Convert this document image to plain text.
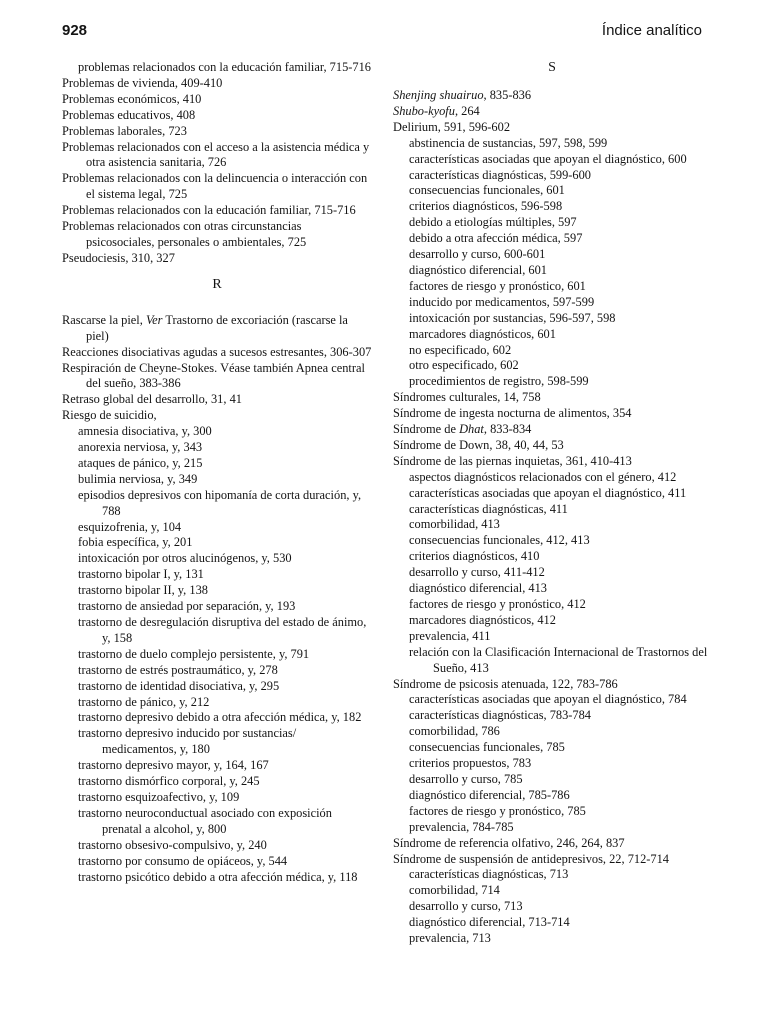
928	Índice analítico
problemas relacionados con la educación familiar, 715-716
Problemas de vivienda, 409-410
Problemas económicos, 410
Problemas educativos, 408
Problemas laborales, 723
Problemas relacionados con el acceso a la asistencia médica y otra asistencia sanitaria, 726
Problemas relacionados con la delincuencia o interacción con el sistema legal, 725
Problemas relacionados con la educación familiar, 715-716
Problemas relacionados con otras circunstancias psicosociales, personales o ambientales, 725
Pseudociesis, 310, 327
R
Rascarse la piel, Ver Trastorno de excoriación (rascarse la piel)
Reacciones disociativas agudas a sucesos estresantes, 306-307
Respiración de Cheyne-Stokes. Véase también Apnea central del sueño, 383-386
Retraso global del desarrollo, 31, 41
Riesgo de suicidio,
amnesia disociativa, y, 300
anorexia nerviosa, y, 343
ataques de pánico, y, 215
bulimia nerviosa, y, 349
episodios depresivos con hipomanía de corta duración, y, 788
esquizofrenia, y, 104
fobia específica, y, 201
intoxicación por otros alucinógenos, y, 530
trastorno bipolar I, y, 131
trastorno bipolar II, y, 138
trastorno de ansiedad por separación, y, 193
trastorno de desregulación disruptiva del estado de ánimo, y, 158
trastorno de duelo complejo persistente, y, 791
trastorno de estrés postraumático, y, 278
trastorno de identidad disociativa, y, 295
trastorno de pánico, y, 212
trastorno depresivo debido a otra afección médica, y, 182
trastorno depresivo inducido por sustancias/ medicamentos, y, 180
trastorno depresivo mayor, y, 164, 167
trastorno dismórfico corporal, y, 245
trastorno esquizoafectivo, y, 109
trastorno neuroconductual asociado con exposición prenatal a alcohol, y, 800
trastorno obsesivo-compulsivo, y, 240
trastorno por consumo de opiáceos, y, 544
trastorno psicótico debido a otra afección médica, y, 118
S
Shenjing shuairuo, 835-836
Shubo-kyofu, 264
Delirium, 591, 596-602
abstinencia de sustancias, 597, 598, 599
características asociadas que apoyan el diagnóstico, 600
características diagnósticas, 599-600
consecuencias funcionales, 601
criterios diagnósticos, 596-598
debido a etiologías múltiples, 597
debido a otra afección médica, 597
desarrollo y curso, 600-601
diagnóstico diferencial, 601
factores de riesgo y pronóstico, 601
inducido por medicamentos, 597-599
intoxicación por sustancias, 596-597, 598
marcadores diagnósticos, 601
no especificado, 602
otro especificado, 602
procedimientos de registro, 598-599
Síndromes culturales, 14, 758
Síndrome de ingesta nocturna de alimentos, 354
Síndrome de Dhat, 833-834
Síndrome de Down, 38, 40, 44, 53
Síndrome de las piernas inquietas, 361, 410-413
aspectos diagnósticos relacionados con el género, 412
características asociadas que apoyan el diagnóstico, 411
características diagnósticas, 411
comorbilidad, 413
consecuencias funcionales, 412, 413
criterios diagnósticos, 410
desarrollo y curso, 411-412
diagnóstico diferencial, 413
factores de riesgo y pronóstico, 412
marcadores diagnósticos, 412
prevalencia, 411
relación con la Clasificación Internacional de Trastornos del Sueño, 413
Síndrome de psicosis atenuada, 122, 783-786
características asociadas que apoyan el diagnóstico, 784
características diagnósticas, 783-784
comorbilidad, 786
consecuencias funcionales, 785
criterios propuestos, 783
desarrollo y curso, 785
diagnóstico diferencial, 785-786
factores de riesgo y pronóstico, 785
prevalencia, 784-785
Síndrome de referencia olfativo, 246, 264, 837
Síndrome de suspensión de antidepresivos, 22, 712-714
características diagnósticas, 713
comorbilidad, 714
desarrollo y curso, 713
diagnóstico diferencial, 713-714
prevalencia, 713
